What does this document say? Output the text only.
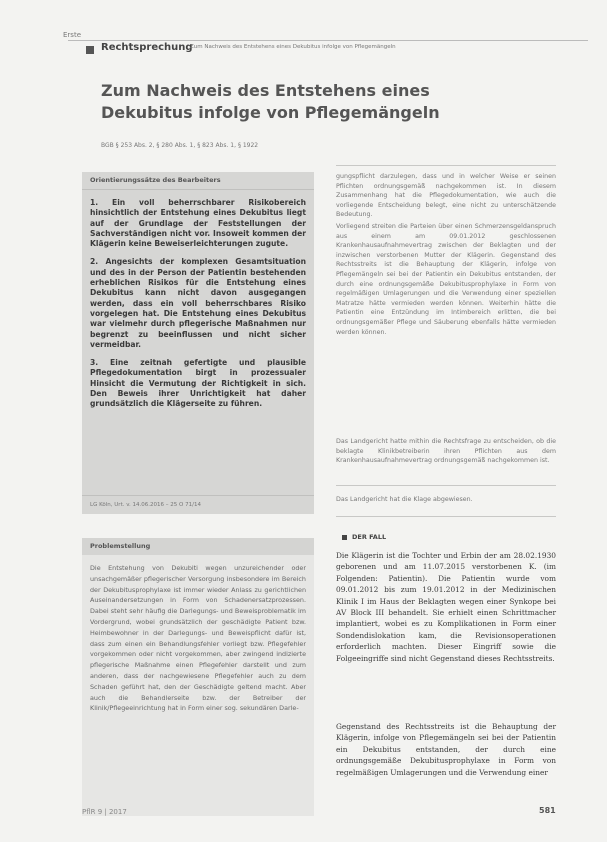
Erste
Rechtsprechung
Zum Nachweis des Entstehens eines Dekubitus infolge von Pflegemängeln
Zum Nachweis des Entstehens eines Dekubitus infolge von Pflegemängeln
BGB § 253 Abs. 2, § 280 Abs. 1, § 823 Abs. 1, § 1922
Orientierungssätze des Bearbeiters

1. Ein voll beherrschbarer Risikobereich hinsichtlich der Entstehung eines Dekubitus liegt auf der Grundlage der Feststellungen der Sachverständigen nicht vor. Insoweit kommen der Klägerin keine Beweiserleichterungen zugute.

2. Angesichts der komplexen Gesamtsituation und des in der Person der Patientin bestehenden erheblichen Risikos für die Entstehung eines Dekubitus kann nicht davon ausgegangen werden, dass ein voll beherrschbares Risiko vorgelegen hat. Die Entstehung eines Dekubitus war vielmehr durch pflegerische Maßnahmen nur begrenzt zu beeinflussen und nicht sicher vermeidbar.

3. Eine zeitnah gefertigte und plausible Pflegedokumentation birgt in prozessualer Hinsicht die Vermutung der Richtigkeit in sich. Den Beweis ihrer Unrichtigkeit hat daher grundsätzlich die Klägerseite zu führen.

LG Köln, Urt. v. 14.06.2016 – 25 O 71/14
Problemstellung
Die Entstehung von Dekubiti wegen unzureichender oder unsachgemäßer pflegerischer Versorgung insbesondere im Bereich der Dekubitusprophylaxe ist immer wieder Anlass zu gerichtlichen Auseinandersetzungen in Form von Schadenersatzprozessen. Dabei steht sehr häufig die Darlegungs- und Beweisproblematik im Vordergrund, wobei grundsätzlich der geschädigte Patient bzw. Heimbewohner in der Darlegungs- und Beweispflicht dafür ist, dass zum einen ein Behandlungsfehler vorliegt bzw. Pflegefehler vorgekommen oder nicht vorgekommen, aber zwingend indizierte pflegerische Maßnahme einen Pflegefehler darstellt und zum anderen, dass der nachgewiesene Pflegefehler auch zu dem Schaden geführt hat, den der Geschädigte geltend macht. Aber auch die Behandlerseite bzw. der Betreiber der Klinik/Pflegeeinrichtung hat in Form einer sog. sekundären Darle-

gungspflicht darzulegen, dass und in welcher Weise er seinen Pflichten ordnungsgemäß nachgekommen ist. In diesem Zusammenhang hat die Pflegedokumentation, wie auch die vorliegende Entscheidung belegt, eine nicht zu unterschätzende Bedeutung.

Vorliegend streiten die Parteien über einen Schmerzensgeldanspruch aus einem am 09.01.2012 geschlossenen Krankenhausaufnahmevertrag zwischen der Beklagten und der inzwischen verstorbenen Mutter der Klägerin. Gegenstand des Rechtsstreits ist die Behauptung der Klägerin, infolge von Pflegemängeln sei bei der Patientin ein Dekubitus entstanden, der durch eine ordnungsgemäße Dekubitusprophylaxe in Form von regelmäßigen Umlagerungen und die Verwendung einer speziellen Matratze hätte vermieden werden können. Weiterhin hätte die Patientin eine Entzündung im Intimbereich erlitten, die bei ordnungsgemäßer Pflege und Säuberung ebenfalls hätte vermieden werden können.

Das Landgericht hatte mithin die Rechtsfrage zu entscheiden, ob die beklagte Klinikbetreiberin ihren Pflichten aus dem Krankenhausaufnahmevertrag ordnungsgemäß nachgekommen ist.

Das Landgericht hat die Klage abgewiesen.

DER FALL

Die Klägerin ist die Tochter und Erbin der am 28.02.1930 geborenen und am 11.07.2015 verstorbenen K. (im Folgenden: Patientin). Die Patientin wurde vom 09.01.2012 bis zum 19.01.2012 in der Medizinischen Klinik I im Haus der Beklagten wegen einer Synkope bei AV Block III behandelt. Sie erhielt einen Schrittmacher implantiert, wobei es zu Komplikationen in Form einer Sondendislokation kam, die Revisionsoperationen erforderlich machten. Dieser Eingriff sowie die Folgeeingriffe sind nicht Gegenstand dieses Rechtsstreits.

Gegenstand des Rechtsstreits ist die Behauptung der Klägerin, infolge von Pflegemängeln sei bei der Patientin ein Dekubitus entstanden, der durch eine ordnungsgemäße Dekubitusprophylaxe in Form von regelmäßigen Umlagerungen und die Verwendung einer

PflR 9 | 2017	581
